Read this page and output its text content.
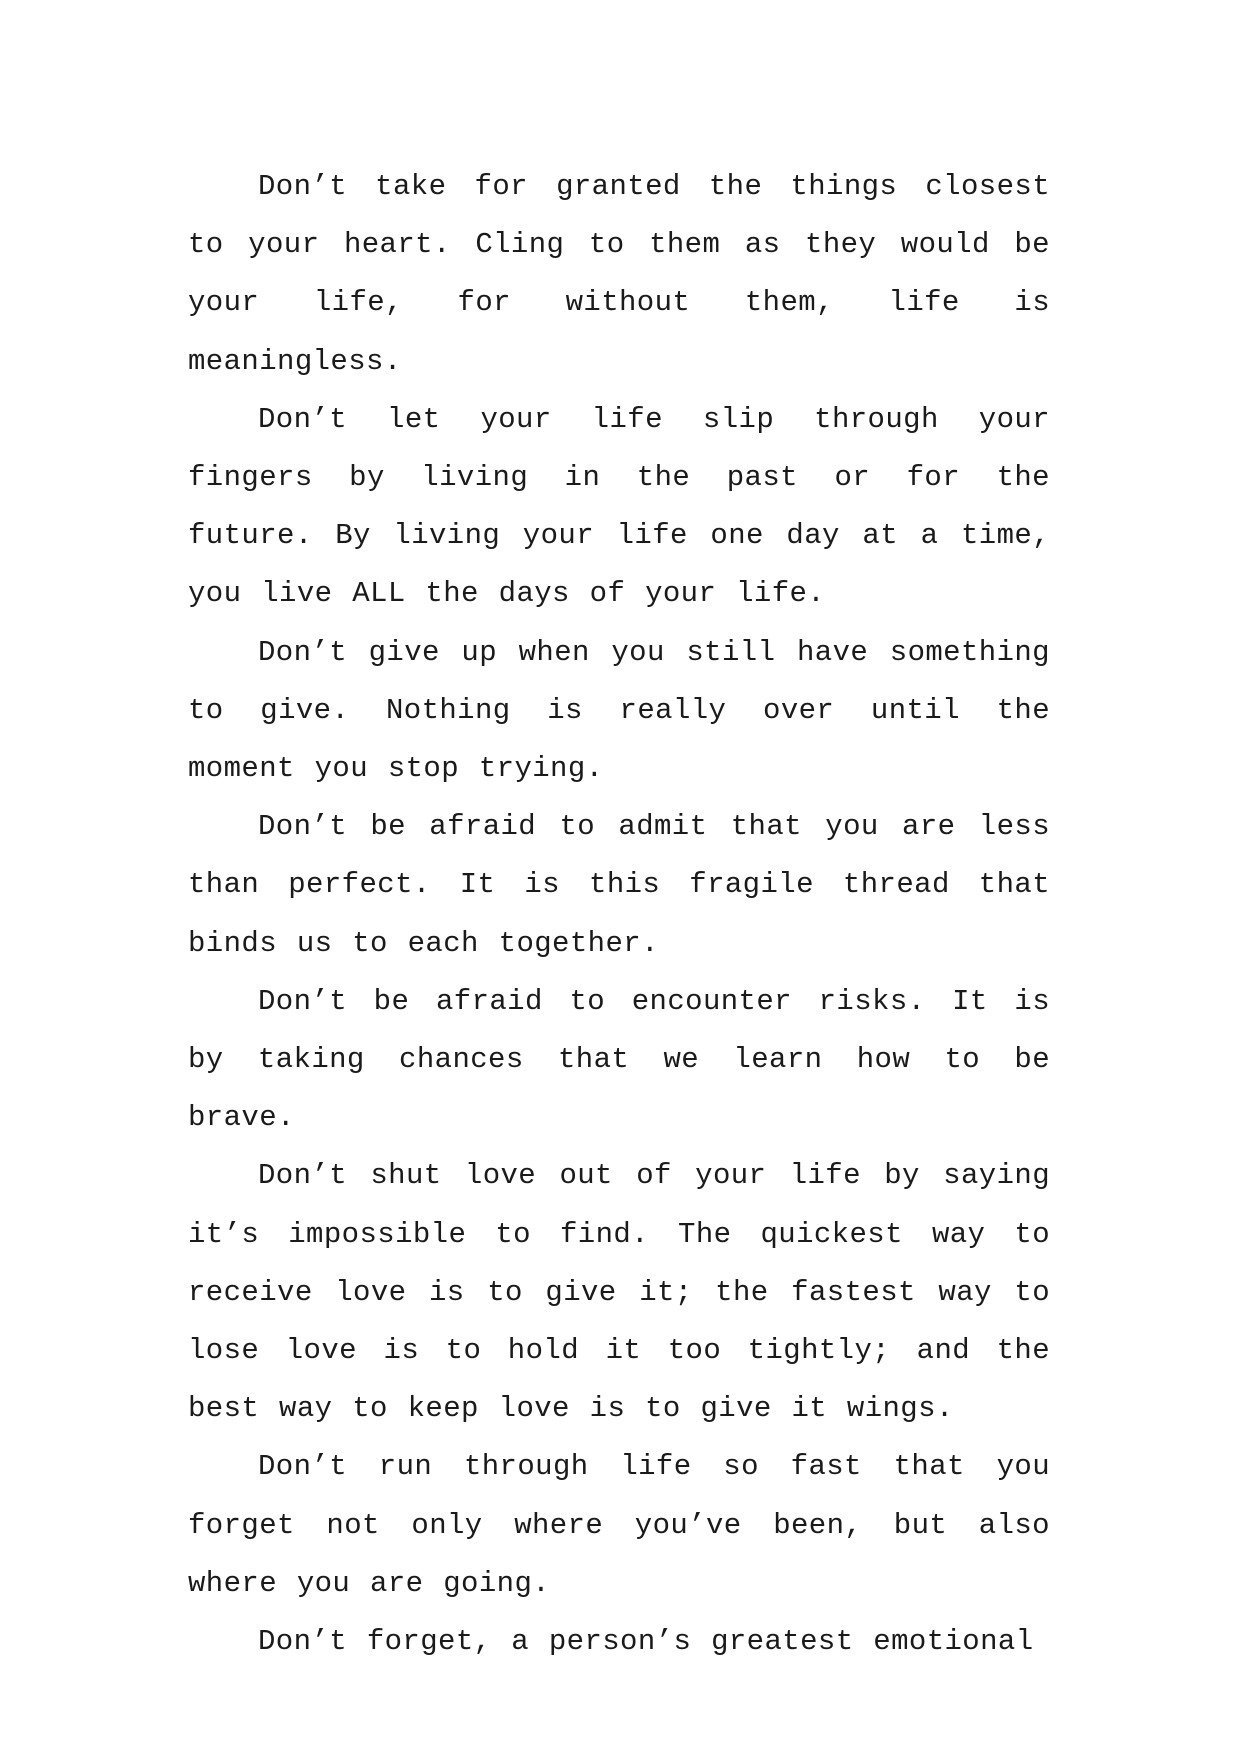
Don’t take for granted the things closest to your heart. Cling to them as they would be your life, for without them, life is meaningless.

Don’t let your life slip through your fingers by living in the past or for the future. By living your life one day at a time, you live ALL the days of your life.

Don’t give up when you still have something to give. Nothing is really over until the moment you stop trying.

Don’t be afraid to admit that you are less than perfect. It is this fragile thread that binds us to each together.

Don’t be afraid to encounter risks. It is by taking chances that we learn how to be brave.

Don’t shut love out of your life by saying it’s impossible to find. The quickest way to receive love is to give it; the fastest way to lose love is to hold it too tightly; and the best way to keep love is to give it wings.

Don’t run through life so fast that you forget not only where you’ve been, but also where you are going.

Don’t forget, a person’s greatest emotional
